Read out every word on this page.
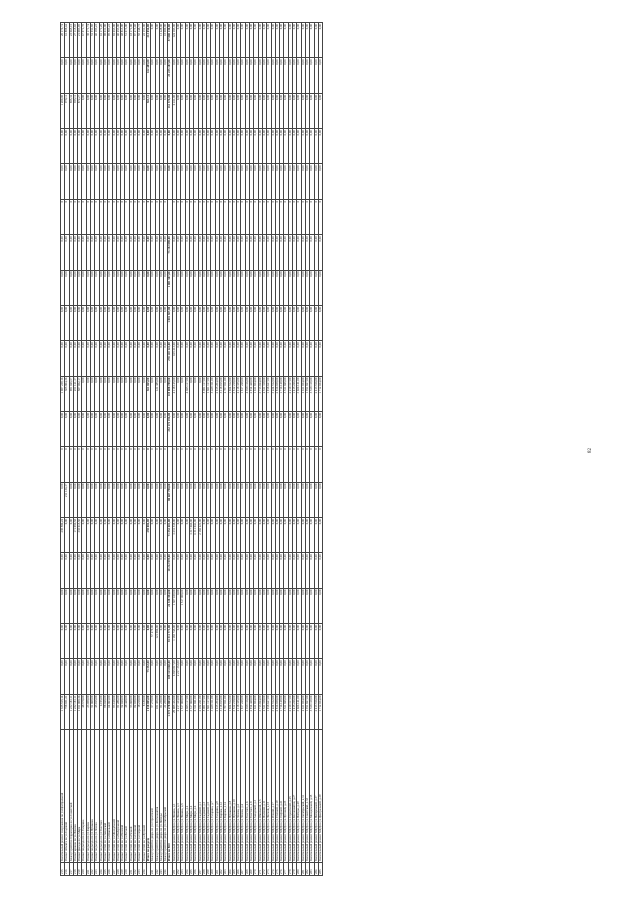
215	Капитальный ремонт сооружения по ул.Центральной	1 335 515,14	0,00	0,00	0,00	0,00	239 586,24	0,00	0	0,00	1 087 239,16	0,00	0,00	0,00	0,00	0	0,00	0,00	1 200,00	0,00	20 176,74
216	Ремонт объекта по ул.Садовой	758 031,21	0,00	0,00	0,00	0,00	0,00	211 136,37	0	0,00	305 804,36	0,00	0,00	0,00	0,00	0	0,00	0,00	978,11	0,00	16 898,44
217	Благоустройство территории по ул.Советской	1 232 183,11	0,00	0,00	0,00	0,00	0,00	0,00	0	0,00	981 045,57	0,00	0,00	0,00	0,00	0	0,00	0,00	855,32	0,00	23 065,15
218	Ремонт кровли по ул.Ленина	1 232 183,11	0,00	0,00	0,00	0,00	171 050,58	0,00	0	0,00	251 121,37	0,00	0,00	0,00	0,00	0	0,00	0,00	935,11	0,00	27 115,65
219	Ремонт фасада по ул.Мира	1 011 008,36	0,00	0,00	0,00	0,00	335 015,50	0,00	0	0,00	587 052,17	0,00	0,00	0,00	0,00	0	0,00	0,00	872,27	0,00	21 093,95
220	Ремонт подъезда по ул.Гагарина	48 578,00	0,00	0,00	0,00	0,00	0,00	0,00	0	0,00	0,00	0,00	0,00	0,00	0,00	0	0,00	0,00	0,00	0,00	67 971,70
221	Ремонт подъезда по ул.Кирова	23 058,00	0,00	0,00	0,00	0,00	0,00	0,00	0	0,00	0,00	0,00	0,00	0,00	0,00	0	0,00	0,00	0,00	0,00	39 171,74
222	Ремонт подъезда по ул.Пушкина	51 069,00	0,00	0,00	0,00	0,00	0,00	0,00	0	0,00	0,00	0,00	0,00	0,00	0,00	0	0,00	0,00	0,00	0,00	51 911,85
223	Ремонт подъезда по ул.Чехова	45 015,00	0,00	0,00	0,00	0,00	0,00	0,00	0	0,00	0,00	0,00	0,00	0,00	0,00	0	0,00	0,00	0,00	0,00	40 193,23
224	Ремонт подъезда по ул.Толстого	6 195,00	0,00	0,00	0,00	0,00	0,00	0,00	0	0,00	0,00	0,00	0,00	0,00	0,00	0	0,00	0,00	0,00	0,00	16 171,20
225	Ремонт сетей по ул.Заводской	98 028,00	0,00	0,00	0,00	0,00	0,00	0,00	0	0,00	0,00	0,00	0,00	0,00	0,00	0	0,00	0,00	0,00	0,00	98 031,00
226	Ремонт сетей по ул.Школьной	64 063,00	0,00	0,00	0,00	0,00	0,00	0,00	0	0,00	0,00	0,00	0,00	0,00	0,00	0	0,00	0,00	0,00	0,00	95 593,22
227	Ремонт сетей по ул.Молодёжной	93 168,00	0,00	0,00	0,00	0,00	0,00	0,00	0	0,00	0,00	0,00	0,00	0,00	0,00	0	0,00	0,00	0,00	0,00	92 653,00
228	Ремонт сетей по ул.Набережной	81 286,00	0,00	0,00	0,00	0,00	0,00	0,00	0	0,00	0,00	0,00	0,00	0,00	0,00	0	0,00	0,00	0,00	0,00	40 253,00
229	Ремонт сетей по ул.Полевой	52 028,00	0,00	0,00	0,00	0,00	0,00	0,00	0	0,00	0,00	0,00	0,00	0,00	0,00	0	0,00	0,00	0,00	0,00	48 813,00
230	Ремонт сетей по ул.Лесной	48 428,00	0,00	0,00	0,00	0,00	0,00	0,00	0	0,00	0,00	0,00	0,00	0,00	0,00	0	0,00	0,00	0,00	0,00	51 073,00
231	Ремонт сетей по ул.Речной	53 068,00	0,00	0,00	0,00	0,00	0,00	0,00	0	0,00	0,00	0,00	0,00	0,00	0,00	0	0,00	0,00	0,00	0,00	18 171,00
232	Ремонт сетей по ул.Степной	82 038,00	0,00	0,00	0,00	0,00	0,00	0,00	0	0,00	0,00	0,00	0,00	0,00	0,00	0	0,00	0,00	0,00	0,00	87 273,40
233	Ремонт сетей по ул.Озёрной	18 218,00	0,00	0,00	0,00	0,00	0,00	0,00	0	0,00	0,00	0,00	0,00	0,00	0,00	0	0,00	0,00	0,00	0,00	55 148,75
234	Ремонт сетей по ул.Луговой	8 180,00	0,00	0,00	0,00	0,00	0,00	0,00	0	0,00	0,00	0,00	0,00	0,00	0,00	0	0,00	0,00	0,00	0,00	22 151,00
	Итого по разделу	1 018 005,00	75 352,00	0,00	0,00	0,00	259 006,00	0,00	0	0,00	561 065,00	0,00	0,00	0,00	0,00	0	0,00	0,00	561,12	162 485,00	213 056,00
241	Благоустройство двора по ул.Строителей	57 279,00	0,00	57 279,00	0,00	0,00	0,00	0,00	0	0,00	0,00	0,00	0,00	0,00	0,00	0	0,00	0,00	0,00	0,00	0,00
242	Благоустройство двора по ул.Космонавтов	181 456,00	0,00	121 084,00	0,00	0,00	0,00	0,00	0	0,00	121 385,00	0,00	0,00	0,00	0,00	0	0,00	0,00	0,00	0,00	0,00
243	Благоустройство двора по ул.Победы	81 230,00	0,00	0,00	0,00	0,00	0,00	0,00	0	0,00	0,00	0,00	0,00	0,00	0,00	0	0,00	0,00	0,00	0,00	13 228,00
244	Благоустройство двора по ул.Октябрьской	21 250,00	0,00	0,00	0,00	0,00	0,00	0,00	0	0,00	0,00	0,00	0,00	0,00	0,00	0	0,00	0,00	0,00	0,00	18 000,00
	Итого по МО	1 373 278 803,00	189 313 068,00	35 511 771,00	24 338 394,00	10 212 978,00	71 352 601,00	80 687 798,00		232 172 196,00	119 088 789,00	278 110 122,00	1 001 507,00	1 001 507,00	73 192 090,00		0,00	0,00	161 376,00	23 235 187,00	57 000 130,00
251	Капитальный ремонт МКД по ул.Ленина, д.1	29 085 432,00	6 925 817,00	1 183 745,00	1 307 109,00	0,00	3 231 338,00	0,00	0	0,00	4 118 125,00	615 213,00	0,00	0,00	0,00	0	0,00	0,00	6 411,00	0,00	124 183,00
252	Капитальный ремонт МКД по ул.Ленина, д.3	2 217 333,00	2 217 333,00	0,00	0,00	0,00	0,00	0,00	0	0,00	0,00	0,00	0,00	0,00	0,00	0	0,00	0,00	0,00	0,00	0,00
253	Капитальный ремонт МКД по ул.Ленина, д.5	1 517 008,00	0,00	0,00	1 517 008,00	0,00	0,00	0,00	0	0,00	0,00	0,00	0,00	0,00	0,00	0	0,00	0,00	0,00	0,00	0,00
254	Капитальный ремонт МКД по ул.Мира, д.2	4 025 117,00	0,00	0,00	0,00	0,00	0,00	0,00	0	0,00	4 025 117,00	0,00	0,00	0,00	0,00	0	0,00	0,00	0,00	0,00	0,00
255	Капитальный ремонт МКД по ул.Мира, д.4	3 317 060,00	0,00	0,00	0,00	0,00	3 317 060,00	0,00	0	0,00	0,00	0,00	0,00	0,00	0,00	0	0,00	0,00	0,00	0,00	0,00
256	Капитальный ремонт МКД по ул.Мира, д.6	6 311 041,00	0,00	0,00	0,00	0,00	6 311 041,00	0,00	0	0,00	0,00	0,00	0,00	0,00	0,00	0	0,00	0,00	0,00	0,00	0,00
257	Капитальный ремонт МКД по ул.Садовой, д.1	2 182 221,00	0,00	0,00	0,00	0,00	2 182 221,00	0,00	0	0,00	0,00	0,00	0,00	0,00	0,00	0	0,00	0,00	0,00	0,00	0,00
258	Капитальный ремонт МКД по ул.Садовой, д.3	5 051 117,00	0,00	0,00	0,00	0,00	0,00	0,00	0	0,00	5 051 117,00	0,00	0,00	0,00	0,00	0	0,00	0,00	0,00	0,00	0,00
259	Капитальный ремонт МКД по ул.Садовой, д.5	1 821 117,00	0,00	0,00	0,00	0,00	0,00	0,00	0	0,00	1 821 117,00	0,00	0,00	0,00	0,00	0	0,00	0,00	0,00	0,00	0,00
260	Капитальный ремонт МКД по ул.Гагарина, д.7	3 428 311,00	0,00	0,00	0,00	0,00	0,00	0,00	0	0,00	3 428 311,00	0,00	0,00	0,00	0,00	0	0,00	0,00	0,00	0,00	0,00
261	Капитальный ремонт МКД по ул.Гагарина, д.9	2 615 204,00	0,00	0,00	0,00	0,00	0,00	0,00	0	0,00	2 615 204,00	0,00	0,00	0,00	0,00	0	0,00	0,00	0,00	0,00	0,00
262	Капитальный ремонт МКД по ул.Кирова, д.12	3 118 015,00	0,00	0,00	0,00	0,00	0,00	0,00	0	0,00	3 118 015,00	0,00	0,00	0,00	0,00	0	0,00	0,00	0,00	0,00	0,00
263	Капитальный ремонт МКД по ул.Кирова, д.14	2 707 811,00	0,00	0,00	0,00	0,00	0,00	0,00	0	0,00	2 707 811,00	0,00	0,00	0,00	0,00	0	0,00	0,00	0,00	0,00	0,00
264	Капитальный ремонт МКД по ул.Пушкина, д.8	1 924 512,00	0,00	0,00	0,00	0,00	0,00	0,00	0	0,00	1 924 512,00	0,00	0,00	0,00	0,00	0	0,00	0,00	0,00	0,00	0,00
265	Капитальный ремонт МКД по ул.Пушкина, д.10	3 512 218,00	0,00	0,00	0,00	0,00	0,00	0,00	0	0,00	3 512 218,00	0,00	0,00	0,00	0,00	0	0,00	0,00	0,00	0,00	0,00
266	Капитальный ремонт МКД по ул.Чехова, д.2	2 118 335,00	0,00	0,00	0,00	0,00	0,00	0,00	0	0,00	2 118 335,00	0,00	0,00	0,00	0,00	0	0,00	0,00	0,00	0,00	0,00
267	Капитальный ремонт МКД по ул.Чехова, д.4	1 817 229,00	0,00	0,00	0,00	0,00	0,00	0,00	0	0,00	1 817 229,00	0,00	0,00	0,00	0,00	0	0,00	0,00	0,00	0,00	0,00
268	Капитальный ремонт МКД по ул.Толстого, д.6	4 018 116,00	0,00	0,00	0,00	0,00	0,00	0,00	0	0,00	4 018 116,00	0,00	0,00	0,00	0,00	0	0,00	0,00	0,00	0,00	0,00
269	Капитальный ремонт МКД по ул.Толстого, д.8	2 914 420,00	0,00	0,00	0,00	0,00	0,00	0,00	0	0,00	2 914 420,00	0,00	0,00	0,00	0,00	0	0,00	0,00	0,00	0,00	0,00
270	Капитальный ремонт МКД по ул.Заводской, д.3	1 611 834,00	0,00	0,00	0,00	0,00	0,00	0,00	0	0,00	1 611 834,00	0,00	0,00	0,00	0,00	0	0,00	0,00	0,00	0,00	0,00
271	Капитальный ремонт МКД по ул.Школьной, д.5	3 713 024,00	0,00	0,00	0,00	0,00	0,00	0,00	0	0,00	3 713 024,00	0,00	0,00	0,00	0,00	0	0,00	0,00	0,00	0,00	0,00
272	Капитальный ремонт МКД по ул.Полевой, д.11	2 511 318,00	0,00	0,00	0,00	0,00	0,00	0,00	0	0,00	2 511 318,00	0,00	0,00	0,00	0,00	0	0,00	0,00	0,00	0,00	0,00
273	Капитальный ремонт МКД по ул.Лесной, д.15	1 918 627,00	0,00	0,00	0,00	0,00	0,00	0,00	0	0,00	1 918 627,00	0,00	0,00	0,00	0,00	0	0,00	0,00	0,00	0,00	0,00
274	Капитальный ремонт МКД по ул.Речной, д.17	3 224 512,00	0,00	0,00	0,00	0,00	0,00	0,00	0	0,00	3 224 512,00	0,00	0,00	0,00	0,00	0	0,00	0,00	0,00	0,00	0,00
275	Капитальный ремонт МКД по ул.Степной, д.19	2 816 038,00	0,00	0,00	0,00	0,00	0,00	0,00	0	0,00	2 816 038,00	0,00	0,00	0,00	0,00	0	0,00	0,00	0,00	0,00	0,00
276	Капитальный ремонт МКД по ул.Озёрной, д.21	1 716 129,00	0,00	0,00	0,00	0,00	0,00	0,00	0	0,00	1 716 129,00	0,00	0,00	0,00	0,00	0	0,00	0,00	0,00	0,00	0,00
277	Капитальный ремонт МКД по ул.Луговой, д.23	3 511 845,00	0,00	0,00	0,00	0,00	0,00	0,00	0	0,00	3 511 845,00	0,00	0,00	0,00	0,00	0	0,00	0,00	0,00	0,00	0,00
278	Капитальный ремонт МКД по ул.Строителей, д.25	2 210 317,00	0,00	0,00	0,00	0,00	0,00	0,00	0	0,00	2 210 317,00	0,00	0,00	0,00	0,00	0	0,00	0,00	0,00	0,00	0,00
279	Капитальный ремонт МКД по ул.Космонавтов, д.27	1 415 226,00	0,00	0,00	0,00	0,00	0,00	0,00	0	0,00	1 415 226,00	0,00	0,00	0,00	0,00	0	0,00	0,00	0,00	0,00	0,00
280	Капитальный ремонт МКД по ул.Победы, д.29	3 026 141,00	0,00	0,00	0,00	0,00	0,00	0,00	0	0,00	3 026 141,00	0,00	0,00	0,00	0,00	0	0,00	0,00	0,00	0,00	0,00
281	Капитальный ремонт МКД по ул.Октябрьской, д.31	2 611 034,00	0,00	0,00	0,00	0,00	0,00	0,00	0	0,00	2 611 034,00	0,00	0,00	0,00	0,00	0	0,00	0,00	0,00	0,00	0,00
282	Капитальный ремонт МКД по ул.Советской, д.33	1 911 827,00	0,00	0,00	0,00	0,00	0,00	0,00	0	0,00	1 911 827,00	0,00	0,00	0,00	0,00	0	0,00	0,00	0,00	0,00	0,00
283	Капитальный ремонт МКД по ул.Молодёжной, д.35	3 518 119,00	0,00	0,00	0,00	0,00	0,00	0,00	0	0,00	3 518 119,00	0,00	0,00	0,00	0,00	0	0,00	0,00	0,00	0,00	0,00
284	Капитальный ремонт МКД по ул.Набережной, д.37	2 413 516,00	0,00	0,00	0,00	0,00	0,00	0,00	0	0,00	2 413 516,00	0,00	0,00	0,00	0,00	0	0,00	0,00	0,00	0,00	0,00
285	Капитальный ремонт МКД по ул.Центральной, д.39	1 712 034,00	0,00	0,00	0,00	0,00	0,00	0,00	0	0,00	1 712 034,00	0,00	0,00	0,00	0,00	0	0,00	0,00	0,00	0,00	0,00
82
